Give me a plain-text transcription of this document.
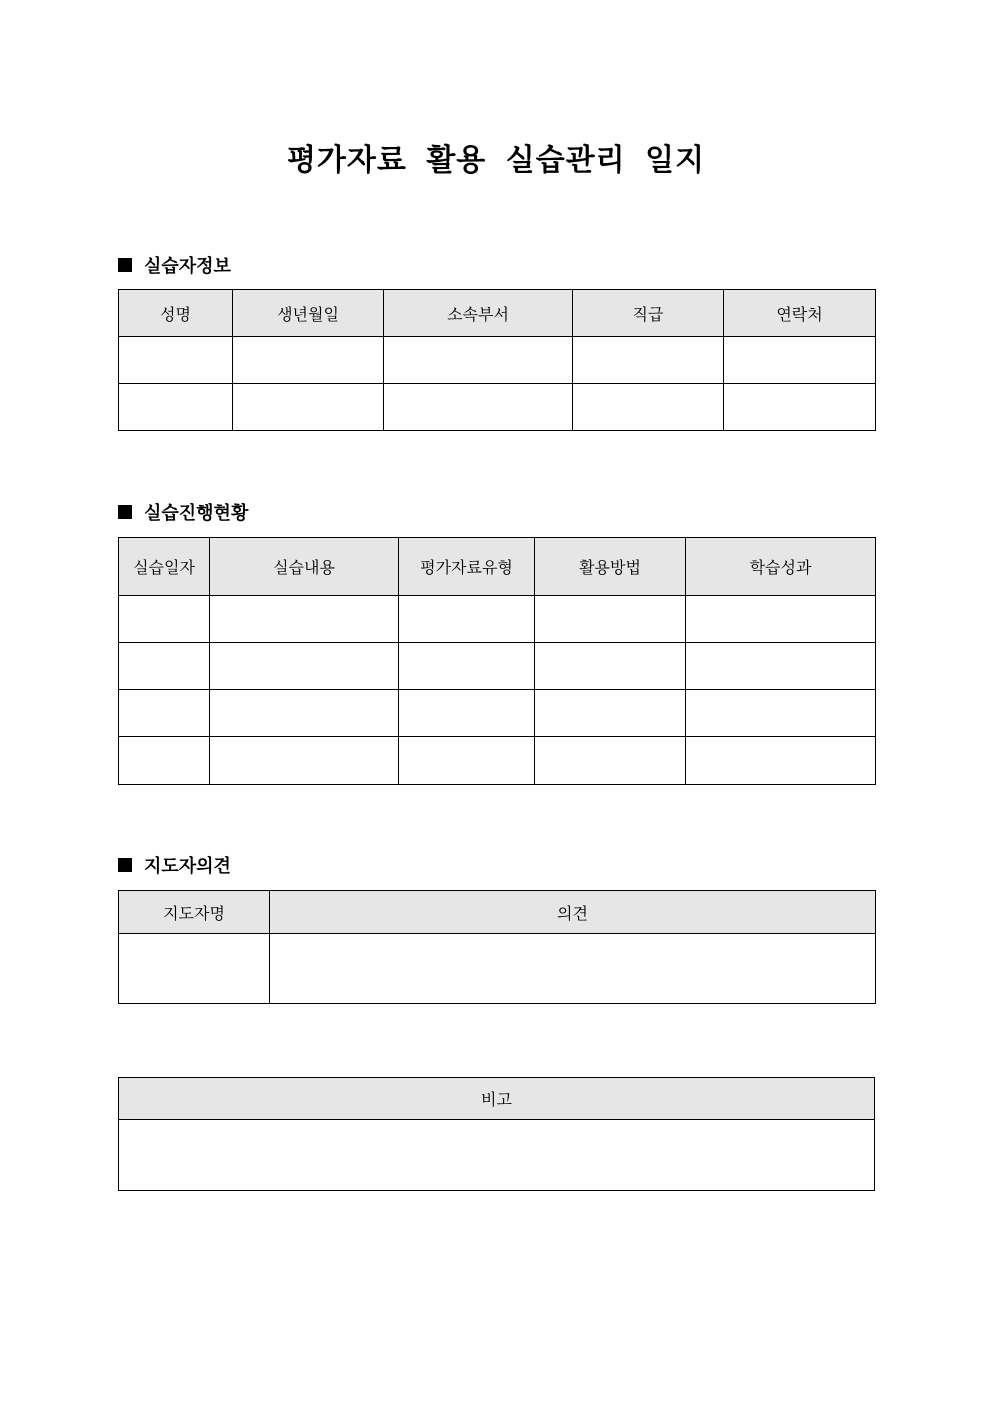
평가자료 활용 실습관리 일지
실습자정보
성명	생년월일	소속부서	직급	연락처

실습진행현황
실습일자	실습내용	평가자료유형	활용방법	학습성과

지도자의견
지도자명	의견

비고
